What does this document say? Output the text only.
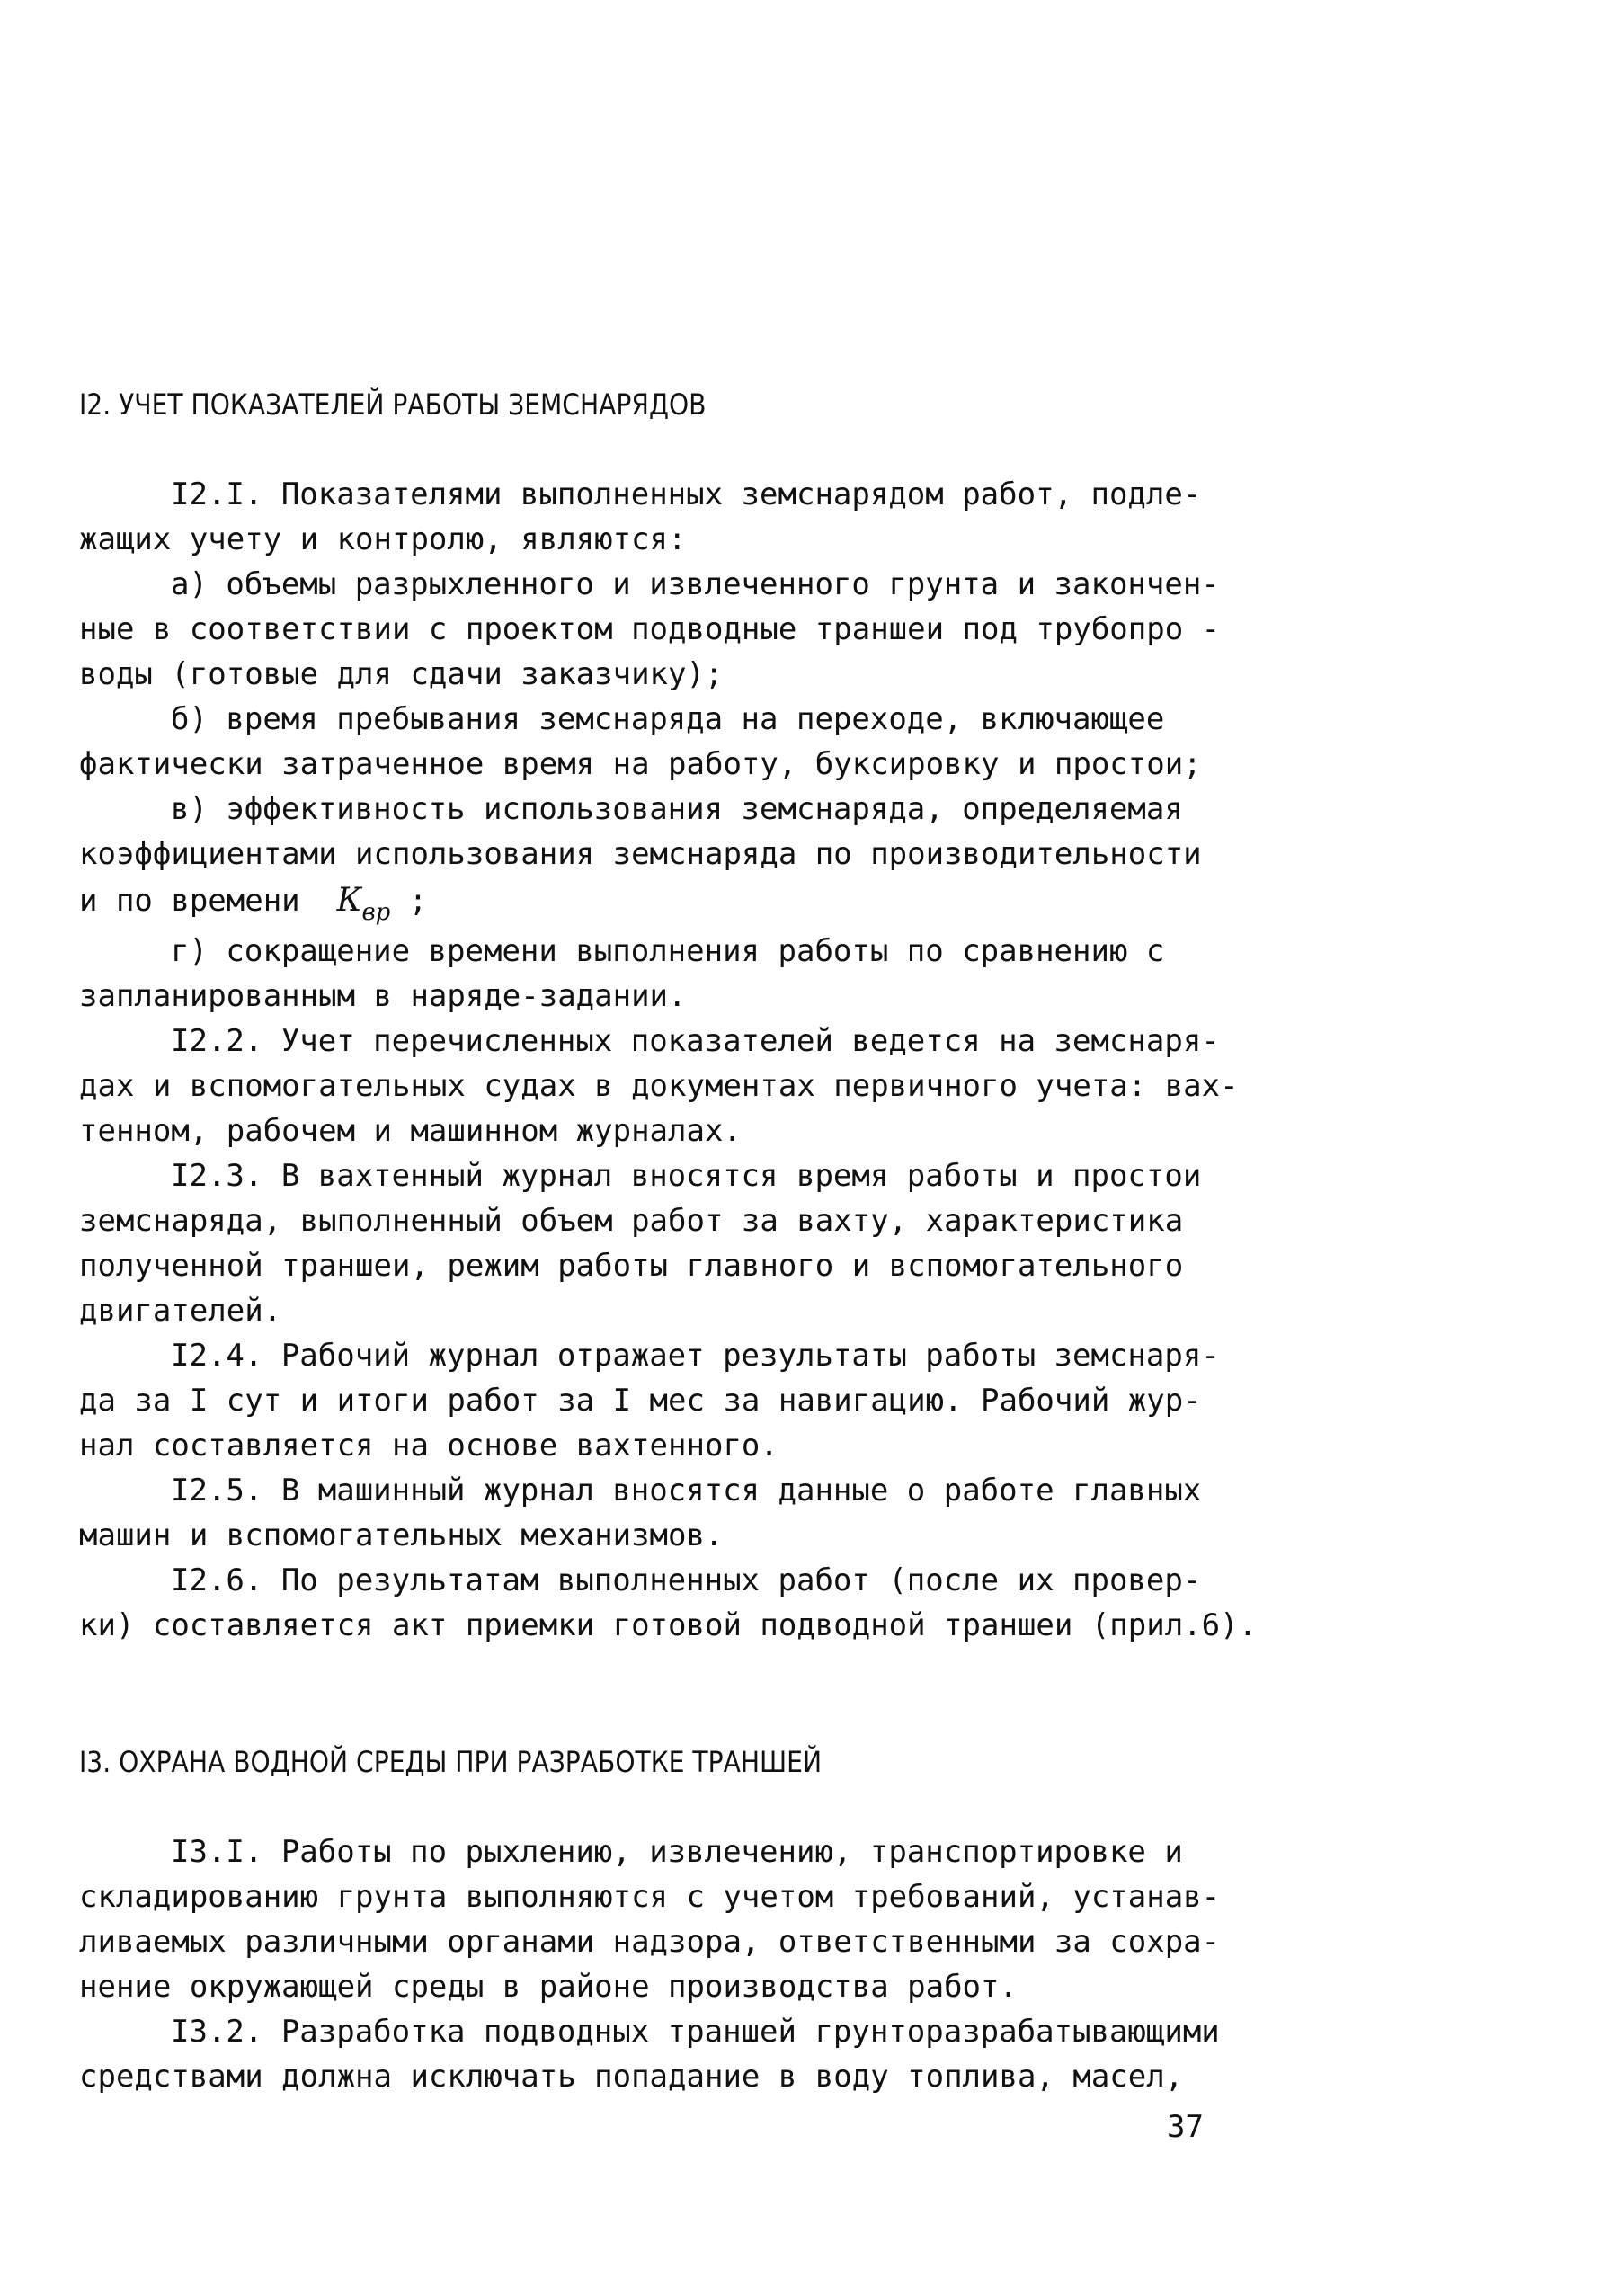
I2. УЧЕТ ПОКАЗАТЕЛЕЙ РАБОТЫ ЗЕМСНАРЯДОВ
I2.I. Показателями выполненных земснарядом работ, подле-
жащих учету и контролю, являются:
а) объемы разрыхленного и извлеченного грунта и закончен-
ные в соответствии с проектом подводные траншеи под трубопро -
воды (готовые для сдачи заказчику);
б) время пребывания земснаряда на переходе, включающее
фактически затраченное время на работу, буксировку и простои;
в) эффективность использования земснаряда, определяемая
коэффициентами использования земснаряда по производительности
и по времени  $К_{вр}$ ;
г) сокращение времени выполнения работы по сравнению с
запланированным в наряде-задании.
I2.2. Учет перечисленных показателей ведется на земснаря-
дах и вспомогательных судах в документах первичного учета: вах-
тенном, рабочем и машинном журналах.
I2.3. В вахтенный журнал вносятся время работы и простои
земснаряда, выполненный объем работ за вахту, характеристика
полученной траншеи, режим работы главного и вспомогательного
двигателей.
I2.4. Рабочий журнал отражает результаты работы земснаря-
да за I сут и итоги работ за I мес за навигацию. Рабочий жур-
нал составляется на основе вахтенного.
I2.5. В машинный журнал вносятся данные о работе главных
машин и вспомогательных механизмов.
I2.6. По результатам выполненных работ (после их провер-
ки) составляется акт приемки готовой подводной траншеи (прил.6).
I3. ОХРАНА ВОДНОЙ СРЕДЫ ПРИ РАЗРАБОТКЕ ТРАНШЕЙ
I3.I. Работы по рыхлению, извлечению, транспортировке и
складированию грунта выполняются с учетом требований, устанав-
ливаемых различными органами надзора, ответственными за сохра-
нение окружающей среды в районе производства работ.
I3.2. Разработка подводных траншей грунторазрабатывающими
средствами должна исключать попадание в воду топлива, масел,
37
